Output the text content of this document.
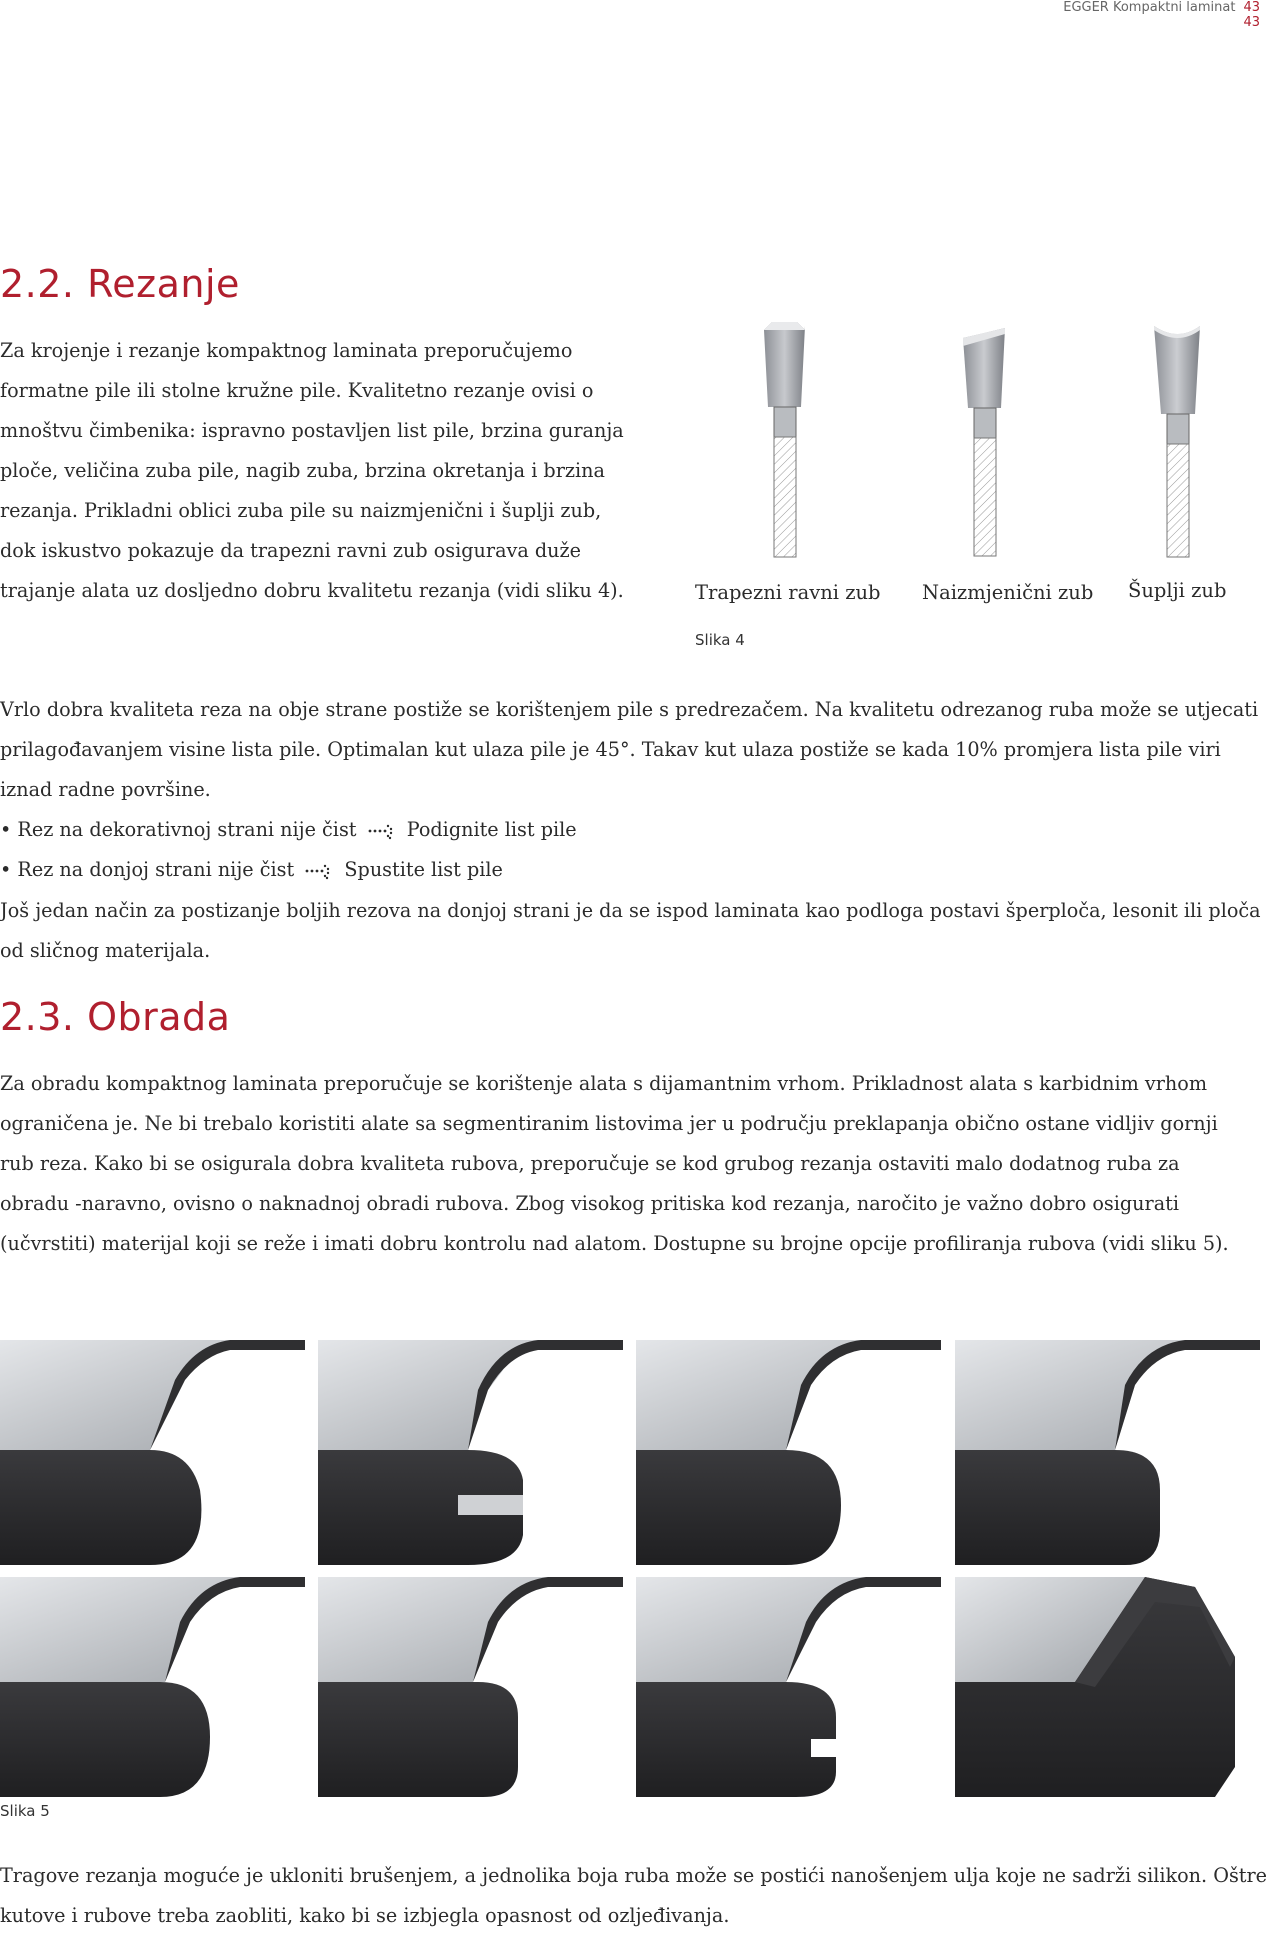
EGGER Kompaktni laminat 43
43
2.2. Rezanje
Za krojenje i rezanje kompaktnog laminata preporučujemo
formatne pile ili stolne kružne pile. Kvalitetno rezanje ovisi o
mnoštvu čimbenika: ispravno postavljen list pile, brzina guranja
ploče, veličina zuba pile, nagib zuba, brzina okretanja i brzina
rezanja. Prikladni oblici zuba pile su naizmjenični i šuplji zub,
dok iskustvo pokazuje da trapezni ravni zub osigurava duže
trajanje alata uz dosljedno dobru kvalitetu rezanja (vidi sliku 4).	Trapezni ravni zub Naizmjenični zub Šuplji zub
Slika 4
Vrlo dobra kvaliteta reza na obje strane postiže se korištenjem pile s predrezačem. Na kvalitetu odrezanog ruba može se utjecati
prilagođavanjem visine lista pile. Optimalan kut ulaza pile je 45°. Takav kut ulaza postiže se kada 10% promjera lista pile viri
iznad radne površine.
• Rez na dekorativnoj strani nije čist	Podignite list pile
• Rez na donjoj strani nije čist	Spustite list pile
Još jedan način za postizanje boljih rezova na donjoj strani je da se ispod laminata kao podloga postavi šperploča, lesonit ili ploča
od sličnog materijala.
2.3. Obrada
Za obradu kompaktnog laminata preporučuje se korištenje alata s dijamantnim vrhom. Prikladnost alata s karbidnim vrhom
ograničena je. Ne bi trebalo koristiti alate sa segmentiranim listovima jer u području preklapanja obično ostane vidljiv gornji
rub reza. Kako bi se osigurala dobra kvaliteta rubova, preporučuje se kod grubog rezanja ostaviti malo dodatnog ruba za
obradu -naravno, ovisno o naknadnoj obradi rubova. Zbog visokog pritiska kod rezanja, naročito je važno dobro osigurati
(učvrstiti) materijal koji se reže i imati dobru kontrolu nad alatom. Dostupne su brojne opcije profiliranja rubova (vidi sliku 5).
Slika 5
Tragove rezanja moguće je ukloniti brušenjem, a jednolika boja ruba može se postići nanošenjem ulja koje ne sadrži silikon. Oštre
kutove i rubove treba zaobliti, kako bi se izbjegla opasnost od ozljeđivanja.
